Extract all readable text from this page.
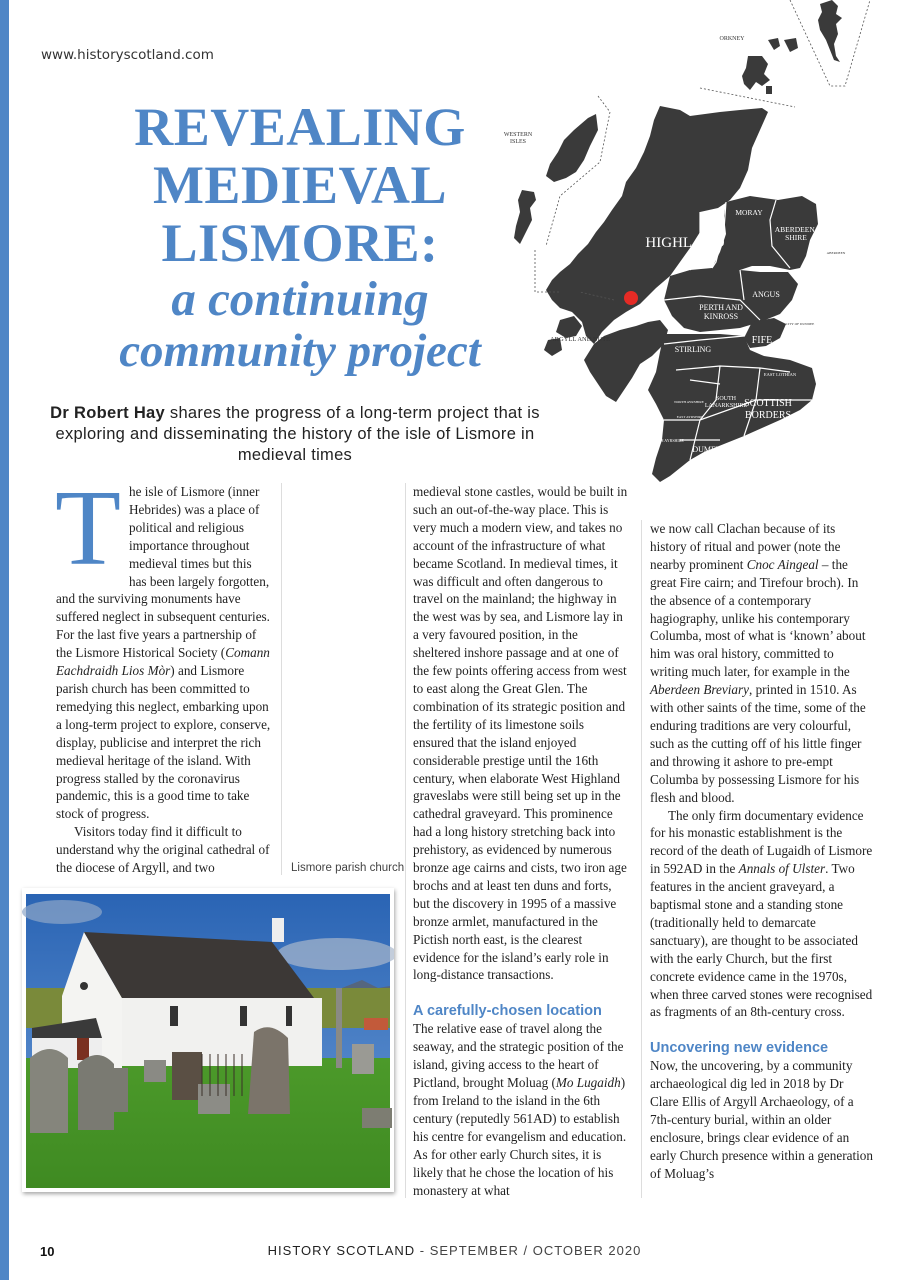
www.historyscotland.com
REVEALING
MEDIEVAL
LISMORE:
a continuing
community project
Dr Robert Hay shares the progress of a long-term project that is exploring and disseminating the history of the isle of Lismore in medieval times
HIGHLAND
MORAY
ABERDEEN-
SHIRE
ANGUS
PERTH AND
KINROSS
FIFE
STIRLING
SOUTH
LANARKSHIRE
EAST LOTHIAN
SCOTTISH
BORDERS
NORTH AYRSHIRE
EAST AYRSHIRE
SOUTH AYRSHIRE
DUMFRIES AND
GALLOWAY
ORKNEY
WESTERN
ISLES
ARGYLL AND BUTE
ABERDEEN
CITY OF DUNDEE

The isle of Lismore (inner Hebrides) was a place of political and religious importance throughout medieval times but this has been largely forgotten, and the surviving monuments have suffered neglect in subsequent centuries. For the last five years a partnership of the Lismore Historical Society (Comann Eachdraidh Lios Mòr) and Lismore parish church has been committed to remedying this neglect, embarking upon a long-term project to explore, conserve, display, publicise and interpret the rich medieval heritage of the island. With progress stalled by the coronavirus pandemic, this is a good time to take stock of progress.

Visitors today find it difficult to understand why the original cathedral of the diocese of Argyll, and two	Lismore parish church

medieval stone castles, would be built in such an out-of-the-way place. This is very much a modern view, and takes no account of the infrastructure of what became Scotland. In medieval times, it was difficult and often dangerous to travel on the mainland; the highway in the west was by sea, and Lismore lay in a very favoured position, in the sheltered inshore passage and at one of the few points offering access from west to east along the Great Glen. The combination of its strategic position and the fertility of its limestone soils ensured that the island enjoyed considerable prestige until the 16th century, when elaborate West Highland graveslabs were still being set up in the cathedral graveyard. This prominence had a long history stretching back into prehistory, as evidenced by numerous bronze age cairns and cists, two iron age brochs and at least ten duns and forts, but the discovery in 1995 of a massive bronze armlet, manufactured in the Pictish north east, is the clearest evidence for the island’s early role in long-distance transactions.

A carefully-chosen location

The relative ease of travel along the seaway, and the strategic position of the island, giving access to the heart of Pictland, brought Moluag (Mo Lugaidh) from Ireland to the island in the 6th century (reputedly 561AD) to establish his centre for evangelism and education. As for other early Church sites, it is likely that he chose the location of his monastery at what

we now call Clachan because of its history of ritual and power (note the nearby prominent Cnoc Aingeal – the great Fire cairn; and Tirefour broch). In the absence of a contemporary hagiography, unlike his contemporary Columba, most of what is ‘known’ about him was oral history, committed to writing much later, for example in the Aberdeen Breviary, printed in 1510. As with other saints of the time, some of the enduring traditions are very colourful, such as the cutting off of his little finger and throwing it ashore to pre-empt Columba by possessing Lismore for his flesh and blood.

The only firm documentary evidence for his monastic establishment is the record of the death of Lugaidh of Lismore in 592AD in the Annals of Ulster. Two features in the ancient graveyard, a baptismal stone and a standing stone (traditionally held to demarcate sanctuary), are thought to be associated with the early Church, but the first concrete evidence came in the 1970s, when three carved stones were recognised as fragments of an 8th-century cross.

Uncovering new evidence

Now, the uncovering, by a community archaeological dig led in 2018 by Dr Clare Ellis of Argyll Archaeology, of a 7th-century burial, within an older enclosure, brings clear evidence of an early Church presence within a generation of Moluag’s

10	HISTORY SCOTLAND - SEPTEMBER / OCTOBER 2020
